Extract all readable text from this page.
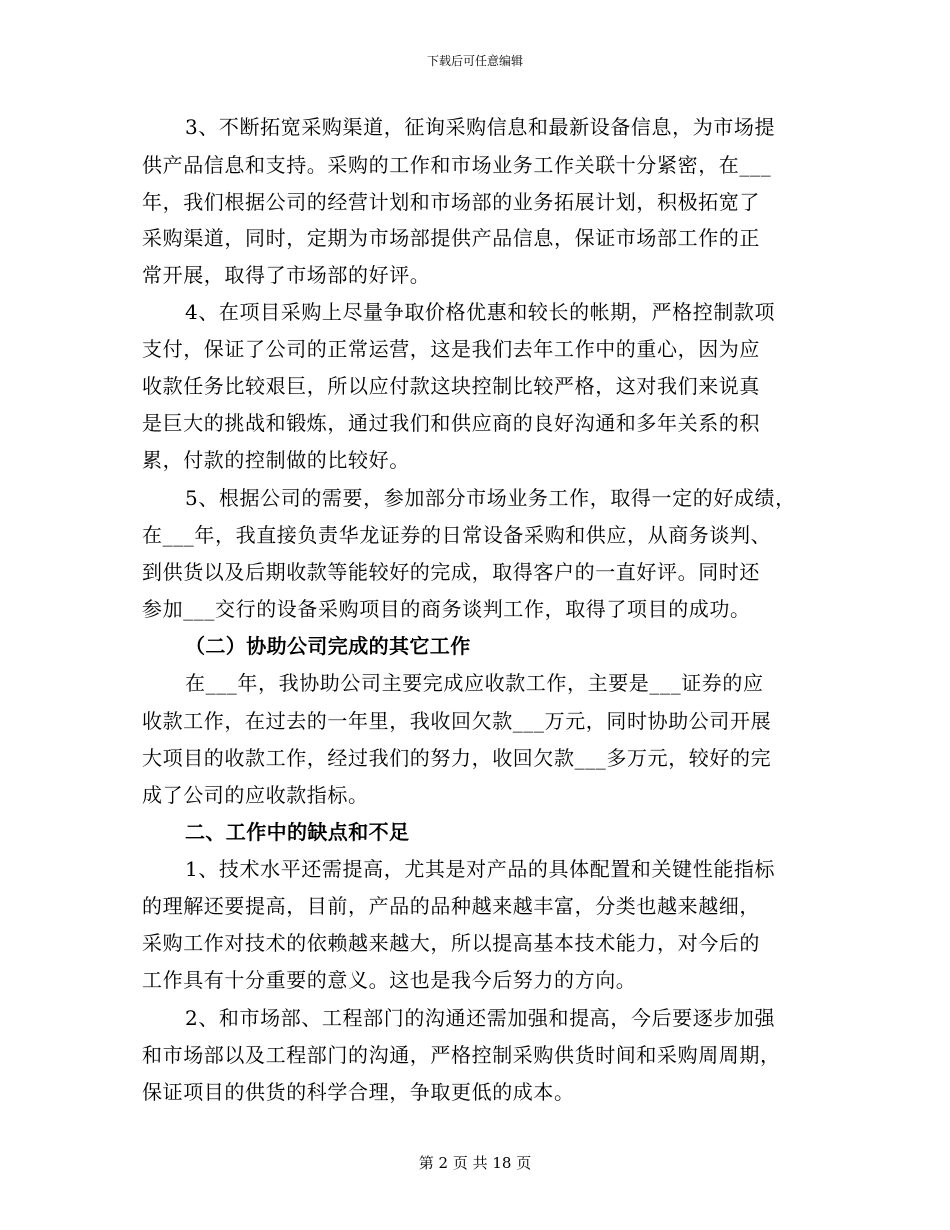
下载后可任意编辑
3、不断拓宽采购渠道，征询采购信息和最新设备信息，为市场提
供产品信息和支持。采购的工作和市场业务工作关联十分紧密，在___
年，我们根据公司的经营计划和市场部的业务拓展计划，积极拓宽了
采购渠道，同时，定期为市场部提供产品信息，保证市场部工作的正
常开展，取得了市场部的好评。
4、在项目采购上尽量争取价格优惠和较长的帐期，严格控制款项
支付，保证了公司的正常运营，这是我们去年工作中的重心，因为应
收款任务比较艰巨，所以应付款这块控制比较严格，这对我们来说真
是巨大的挑战和锻炼，通过我们和供应商的良好沟通和多年关系的积
累，付款的控制做的比较好。
5、根据公司的需要，参加部分市场业务工作，取得一定的好成绩，
在___年，我直接负责华龙证券的日常设备采购和供应，从商务谈判、
到供货以及后期收款等能较好的完成，取得客户的一直好评。同时还
参加___交行的设备采购项目的商务谈判工作，取得了项目的成功。
（二）协助公司完成的其它工作
在___年，我协助公司主要完成应收款工作，主要是___证券的应
收款工作，在过去的一年里，我收回欠款___万元，同时协助公司开展
大项目的收款工作，经过我们的努力，收回欠款___多万元，较好的完
成了公司的应收款指标。
二、工作中的缺点和不足
1、技术水平还需提高，尤其是对产品的具体配置和关键性能指标
的理解还要提高，目前，产品的品种越来越丰富，分类也越来越细，
采购工作对技术的依赖越来越大，所以提高基本技术能力，对今后的
工作具有十分重要的意义。这也是我今后努力的方向。
2、和市场部、工程部门的沟通还需加强和提高，今后要逐步加强
和市场部以及工程部门的沟通，严格控制采购供货时间和采购周周期，
保证项目的供货的科学合理，争取更低的成本。
第 2 页 共 18 页
